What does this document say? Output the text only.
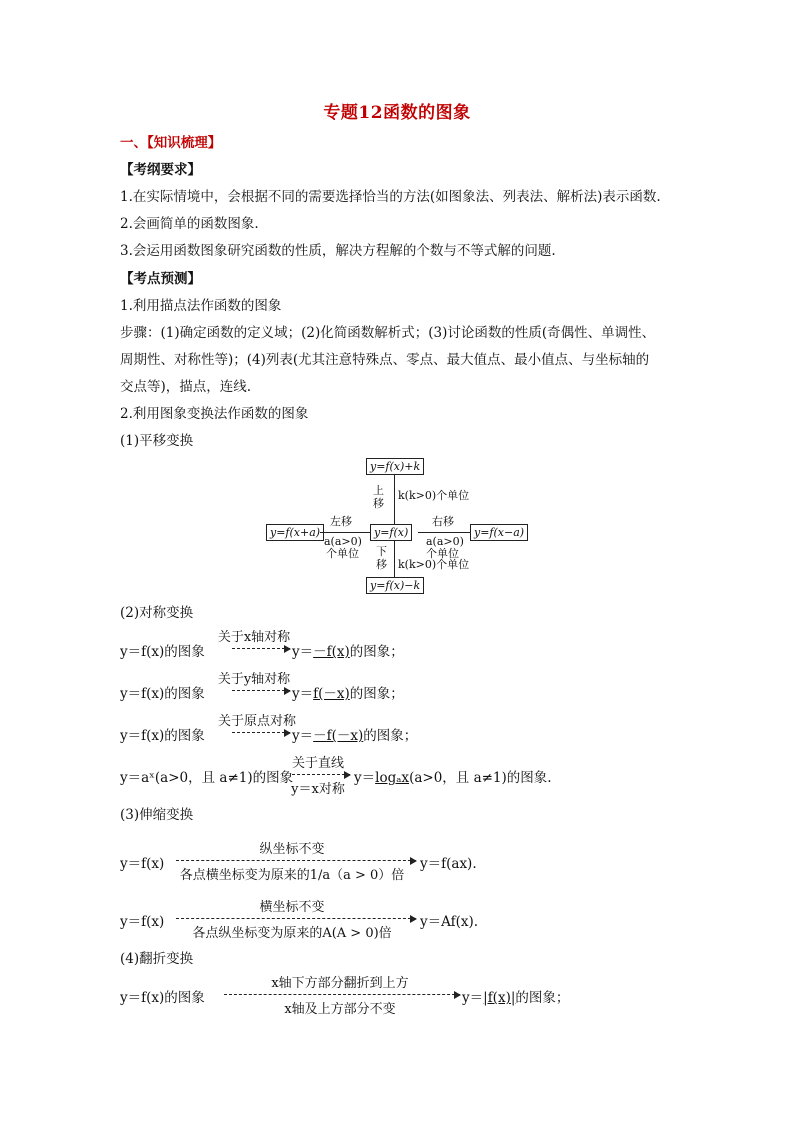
专题12函数的图象
一、【知识梳理】
【考纲要求】
1.在实际情境中，会根据不同的需要选择恰当的方法(如图象法、列表法、解析法)表示函数.
2.会画简单的函数图象.
3.会运用函数图象研究函数的性质，解决方程解的个数与不等式解的问题.
【考点预测】
1.利用描点法作函数的图象
步骤：(1)确定函数的定义域；(2)化简函数解析式；(3)讨论函数的性质(奇偶性、单调性、
周期性、对称性等)；(4)列表(尤其注意特殊点、零点、最大值点、最小值点、与坐标轴的
交点等)，描点，连线.
2.利用图象变换法作函数的图象
(1)平移变换
y=f(x)+k
上
移
k(k>0)个单位
y=f(x)
y=f(x+a)
左移
a(a>0)
个单位
y=f(x−a)
右移
a(a>0)
个单位
下
移 k(k>0)个单位
y=f(x)−k
(2)对称变换
y＝f(x)的图象
关于x轴对称
y＝－f(x)的图象；
y＝f(x)的图象
关于y轴对称
y＝f(－x)的图象；
y＝f(x)的图象
关于原点对称
y＝－f(－x)的图象；
y＝aˣ(a>0，且 a≠1)的图象
关于直线
y＝x对称
y＝logₐx(a>0，且 a≠1)的图象.
(3)伸缩变换
y＝f(x)
纵坐标不变
各点横坐标变为原来的1/a（a > 0）倍
y＝f(ax).
y＝f(x)
横坐标不变
各点纵坐标变为原来的A(A > 0)倍
y＝Af(x).
(4)翻折变换
y＝f(x)的图象
x轴下方部分翻折到上方
x轴及上方部分不变
y＝|f(x)|的图象；
